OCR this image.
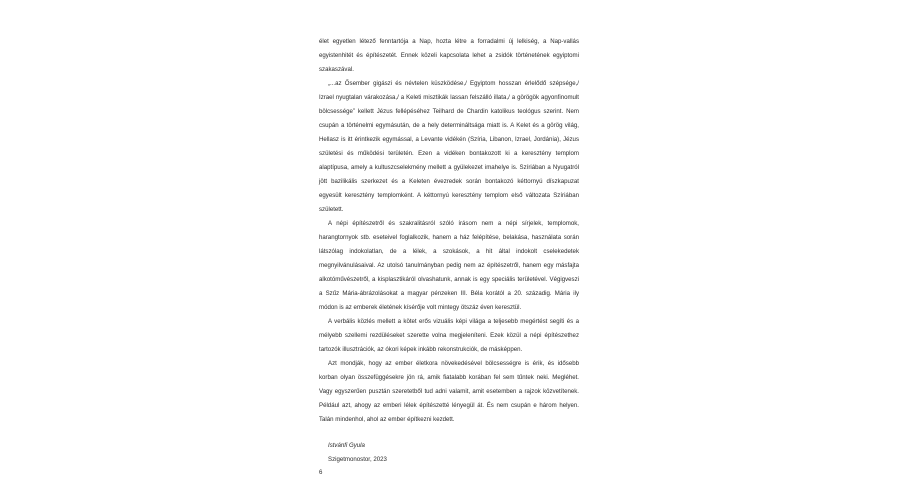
élet egyetlen létező fenntartója a Nap, hozta létre a forradalmi új lelkiség, a Nap-vallás egyistenhitét és építészetét. Ennek közeli kapcsolata lehet a zsidók történetének egyiptomi szakaszával.

„...az Ősember gigászi és névtelen küszködése,/ Egyiptom hosszan érlelődő szépsége,/ Izrael nyugtalan várakozása,/ a Keleti misztikák lassan felszálló illata,/ a görögök agyonfinomult bölcsessége” kellett Jézus fellépéséhez Teilhard de Chardin katolikus teológus szerint. Nem csupán a történelmi egymásután, de a hely determináltsága miatt is. A Kelet és a görög világ, Hellasz is itt érintkezik egymással, a Levante vidékén (Szíria, Libanon, Izrael, Jordánia), Jézus születési és működési területén. Ezen a vidéken bontakozott ki a keresztény templom alaptípusa, amely a kultuszcselekmény mellett a gyülekezet imahelye is. Szíriában a Nyugatról jött bazilikális szerkezet és a Keleten évezredek során bontakozó kéttornyú díszkapuzat egyesült keresztény templomként. A kéttornyú keresztény templom első változata Szíriában született.

A népi építészetről és szakralitásról szóló írásom nem a népi sírjelek, templomok, harangtornyok stb. eseteivel foglalkozik, hanem a ház felépítése, belakása, használata során látszólag indokolatlan, de a lélek, a szokások, a hit által indokolt cselekedetek megnyilvánulásaival. Az utolsó tanulmányban pedig nem az építészetről, hanem egy másfajta alkotóművészetről, a kisplasztikáról olvashatunk, annak is egy speciális területével. Végigveszi a Szűz Mária-ábrázolásokat a magyar pénzeken III. Béla korától a 20. századig. Mária ily módon is az emberek életének kísérője volt mintegy ötszáz éven keresztül.

A verbális közlés mellett a kötet erős vizuális képi világa a teljesebb megértést segíti és a mélyebb szellemi rezdüléseket szerette volna megjeleníteni. Ezek közül a népi építészethez tartozók illusztrációk, az ókori képek inkább rekonstrukciók, de másképpen.

Azt mondják, hogy az ember életkora növekedésével bölcsességre is érik, és idősebb korban olyan összefüggésekre jön rá, amik fiatalabb korában fel sem tűntek neki. Megléhet. Vagy egyszerűen pusztán szeretetből tud adni valamit, amit esetemben a rajzok közvetítenek. Például azt, ahogy az emberi lélek építészetté lényegül át. És nem csupán e három helyen. Talán mindenhol, ahol az ember építkezni kezdett.

Istvánfi Gyula
Szigetmonostor, 2023
6
